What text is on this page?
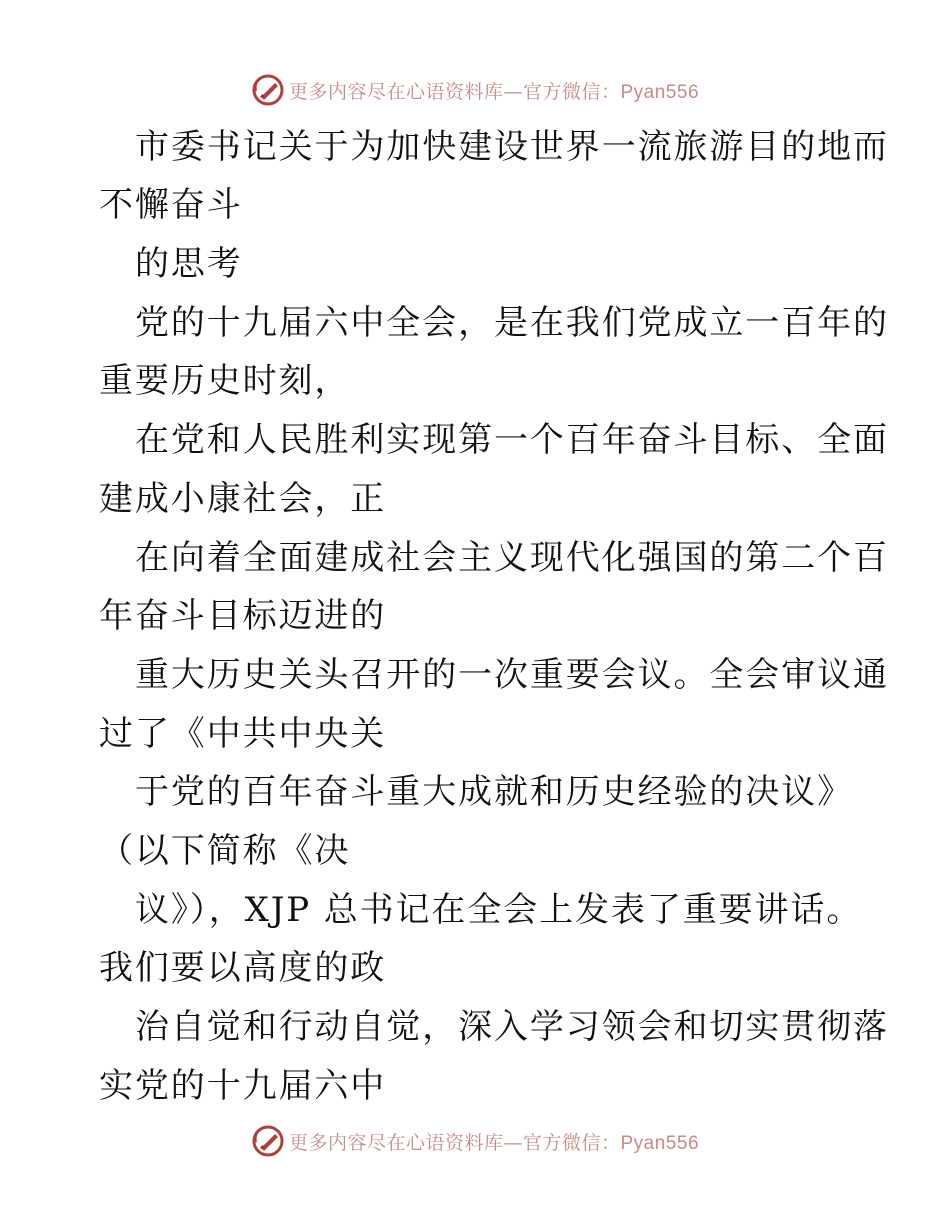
更多内容尽在心语资料库—官方微信：Pyan556
市委书记关于为加快建设世界一流旅游目的地而
不懈奋斗
的思考
党的十九届六中全会，是在我们党成立一百年的
重要历史时刻，
在党和人民胜利实现第一个百年奋斗目标、全面
建成小康社会，正
在向着全面建成社会主义现代化强国的第二个百
年奋斗目标迈进的
重大历史关头召开的一次重要会议。全会审议通
过了《中共中央关
于党的百年奋斗重大成就和历史经验的决议》
（以下简称《决
议》），XJP 总书记在全会上发表了重要讲话。
我们要以高度的政
治自觉和行动自觉，深入学习领会和切实贯彻落
实党的十九届六中
更多内容尽在心语资料库—官方微信：Pyan556
